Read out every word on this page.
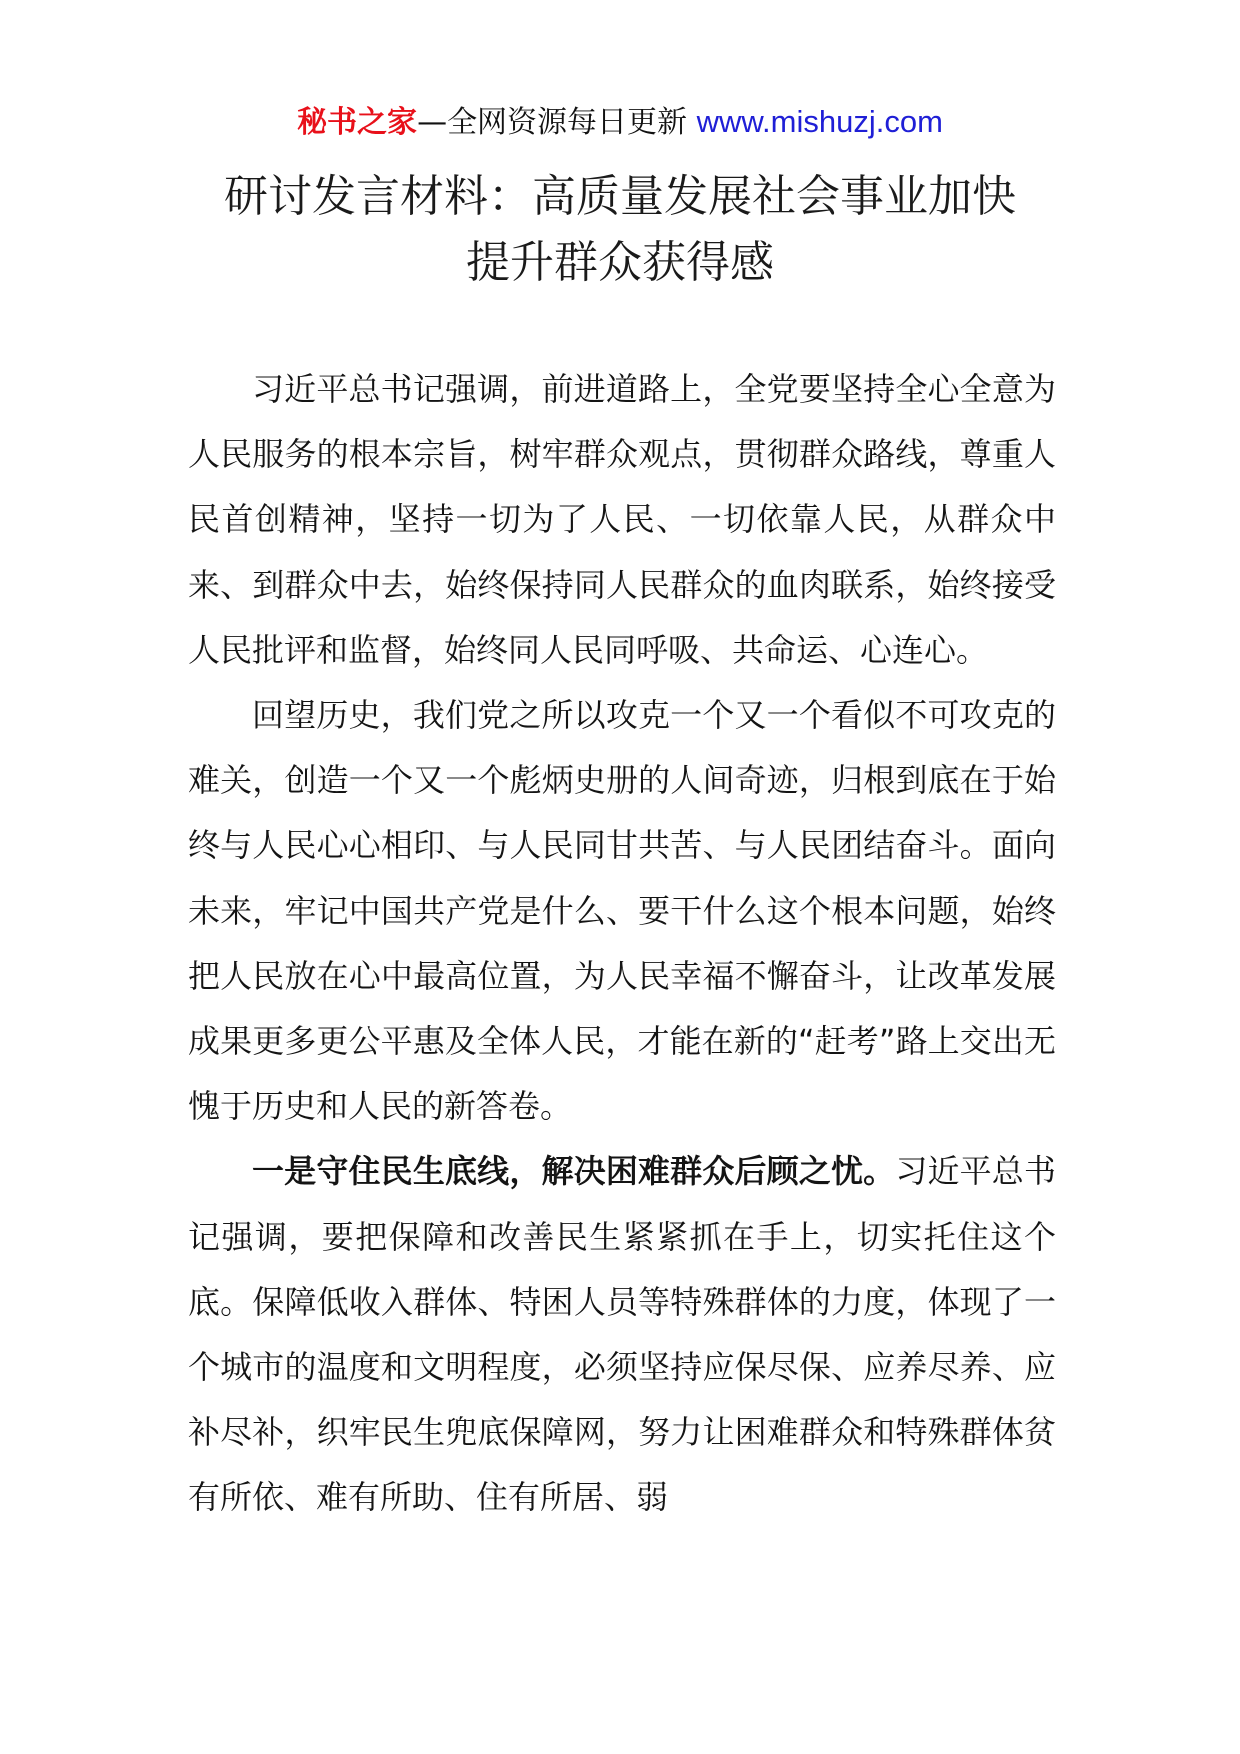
秘书之家—全网资源每日更新 www.mishuzj.com
研讨发言材料：高质量发展社会事业加快
提升群众获得感

习近平总书记强调，前进道路上，全党要坚持全心全意为人民服务的根本宗旨，树牢群众观点，贯彻群众路线，尊重人民首创精神，坚持一切为了人民、一切依靠人民，从群众中来、到群众中去，始终保持同人民群众的血肉联系，始终接受人民批评和监督，始终同人民同呼吸、共命运、心连心。

回望历史，我们党之所以攻克一个又一个看似不可攻克的难关，创造一个又一个彪炳史册的人间奇迹，归根到底在于始终与人民心心相印、与人民同甘共苦、与人民团结奋斗。面向未来，牢记中国共产党是什么、要干什么这个根本问题，始终把人民放在心中最高位置，为人民幸福不懈奋斗，让改革发展成果更多更公平惠及全体人民，才能在新的“赶考”路上交出无愧于历史和人民的新答卷。

一是守住民生底线，解决困难群众后顾之忧。习近平总书记强调，要把保障和改善民生紧紧抓在手上，切实托住这个底。保障低收入群体、特困人员等特殊群体的力度，体现了一个城市的温度和文明程度，必须坚持应保尽保、应养尽养、应补尽补，织牢民生兜底保障网，努力让困难群众和特殊群体贫有所依、难有所助、住有所居、弱
